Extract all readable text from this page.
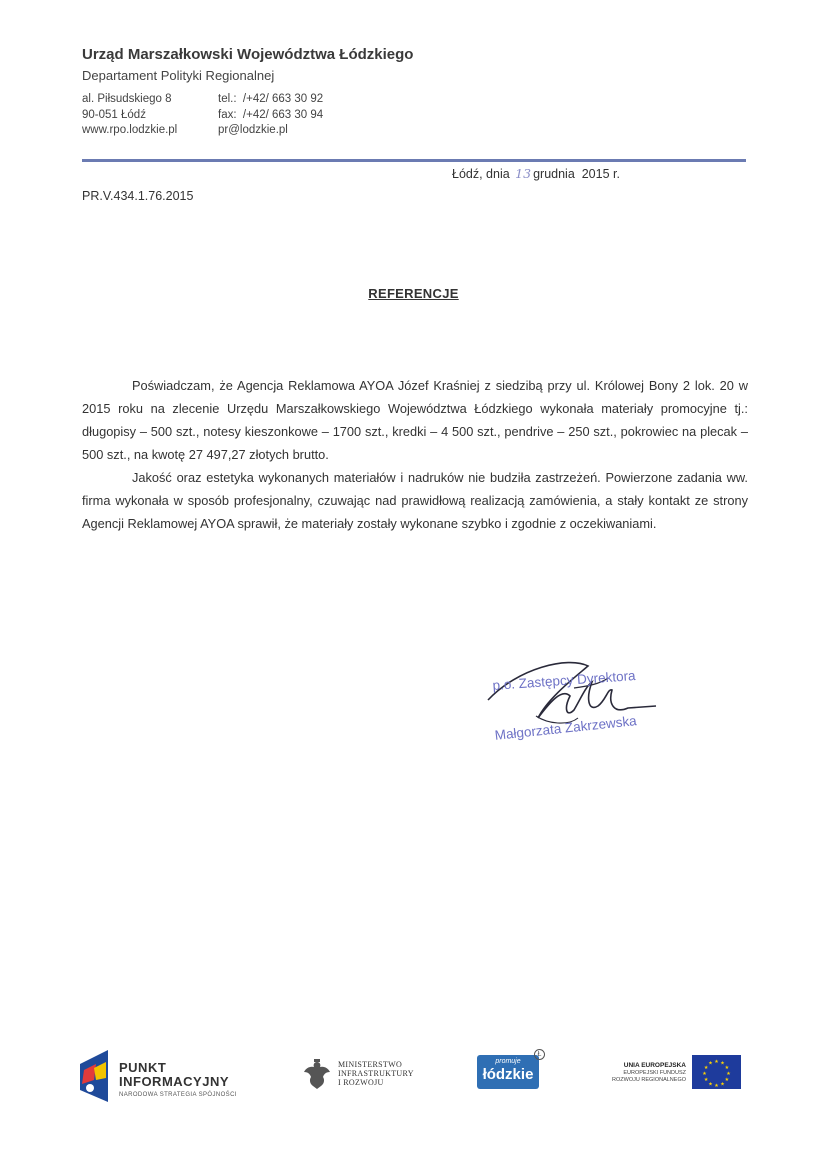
Urząd Marszałkowski Województwa Łódzkiego
Departament Polityki Regionalnej
al. Piłsudskiego 8
90-051 Łódź
www.rpo.lodzkie.pl
tel.:  /+42/ 663 30 92
fax:  /+42/ 663 30 94
pr@lodzkie.pl
Łódź, dnia 13 grudnia  2015 r.
PR.V.434.1.76.2015
REFERENCJE

Poświadczam, że Agencja Reklamowa AYOA Józef Kraśniej z siedzibą przy ul. Królowej Bony 2 lok. 20 w 2015 roku na zlecenie Urzędu Marszałkowskiego Województwa Łódzkiego wykonała materiały promocyjne tj.: długopisy – 500 szt., notesy kieszonkowe – 1700 szt., kredki – 4 500 szt., pendrive – 250 szt., pokrowiec na plecak – 500 szt., na kwotę 27 497,27 złotych brutto.

Jakość oraz estetyka wykonanych materiałów i nadruków nie budziła zastrzeżeń. Powierzone zadania ww. firma wykonała w sposób profesjonalny, czuwając nad prawidłową realizacją zamówienia, a stały kontakt ze strony Agencji Reklamowej AYOA sprawił, że materiały zostały wykonane szybko i zgodnie z oczekiwaniami.

p.o. Zastępcy Dyrektora
Małgorzata Zakrzewska
PUNKT
INFORMACYJNY
NARODOWA STRATEGIA SPÓJNOŚCI
MINISTERSTWO
INFRASTRUKTURY
I ROZWOJU
promuje
łódzkie
Ł
UNIA EUROPEJSKA
EUROPEJSKI FUNDUSZ
ROZWOJU REGIONALNEGO
★ ★
★
★
★
★
★
★
★
★
★
★
